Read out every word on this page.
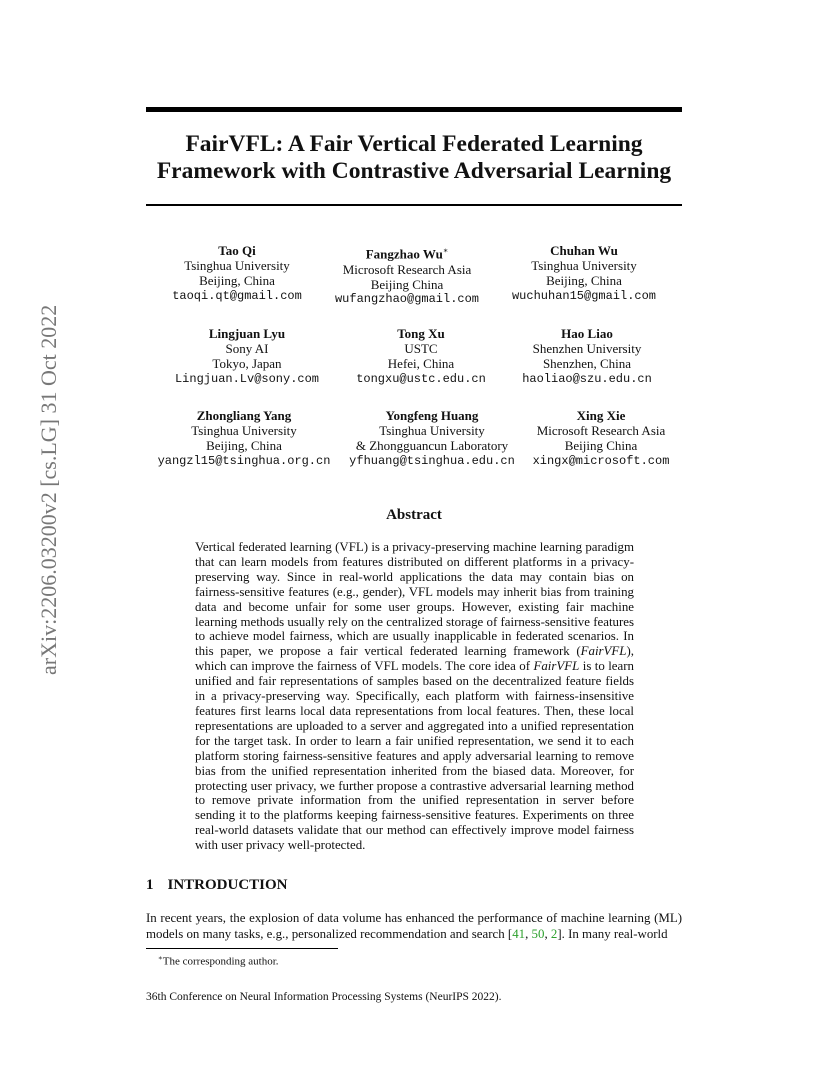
arXiv:2206.03200v2 [cs.LG] 31 Oct 2022
FairVFL: A Fair Vertical Federated Learning
Framework with Contrastive Adversarial Learning
Tao Qi
Tsinghua University
Beijing, China
taoqi.qt@gmail.com
Fangzhao Wu∗
Microsoft Research Asia
Beijing China
wufangzhao@gmail.com
Chuhan Wu
Tsinghua University
Beijing, China
wuchuhan15@gmail.com
Lingjuan Lyu
Sony AI
Tokyo, Japan
Lingjuan.Lv@sony.com
Tong Xu
USTC
Hefei, China
tongxu@ustc.edu.cn
Hao Liao
Shenzhen University
Shenzhen, China
haoliao@szu.edu.cn
Zhongliang Yang
Tsinghua University
Beijing, China
yangzl15@tsinghua.org.cn
Yongfeng Huang
Tsinghua University
& Zhongguancun Laboratory
yfhuang@tsinghua.edu.cn
Xing Xie
Microsoft Research Asia
Beijing China
xingx@microsoft.com
Abstract

Vertical federated learning (VFL) is a privacy-preserving machine learning paradigm that can learn models from features distributed on different platforms in a privacy-preserving way. Since in real-world applications the data may contain bias on fairness-sensitive features (e.g., gender), VFL models may inherit bias from training data and become unfair for some user groups. However, existing fair machine learning methods usually rely on the centralized storage of fairness-sensitive features to achieve model fairness, which are usually inapplicable in federated scenarios. In this paper, we propose a fair vertical federated learning framework (FairVFL), which can improve the fairness of VFL models. The core idea of FairVFL is to learn unified and fair representations of samples based on the decentralized feature fields in a privacy-preserving way. Specifically, each platform with fairness-insensitive features first learns local data representations from local features. Then, these local representations are uploaded to a server and aggregated into a unified representation for the target task. In order to learn a fair unified representation, we send it to each platform storing fairness-sensitive features and apply adversarial learning to remove bias from the unified representation inherited from the biased data. Moreover, for protecting user privacy, we further propose a contrastive adversarial learning method to remove private information from the unified representation in server before sending it to the platforms keeping fairness-sensitive features. Experiments on three real-world datasets validate that our method can effectively improve model fairness with user privacy well-protected.

1 INTRODUCTION

In recent years, the explosion of data volume has enhanced the performance of machine learning (ML) models on many tasks, e.g., personalized recommendation and search [41, 50, 2]. In many real-world

∗The corresponding author.

36th Conference on Neural Information Processing Systems (NeurIPS 2022).
